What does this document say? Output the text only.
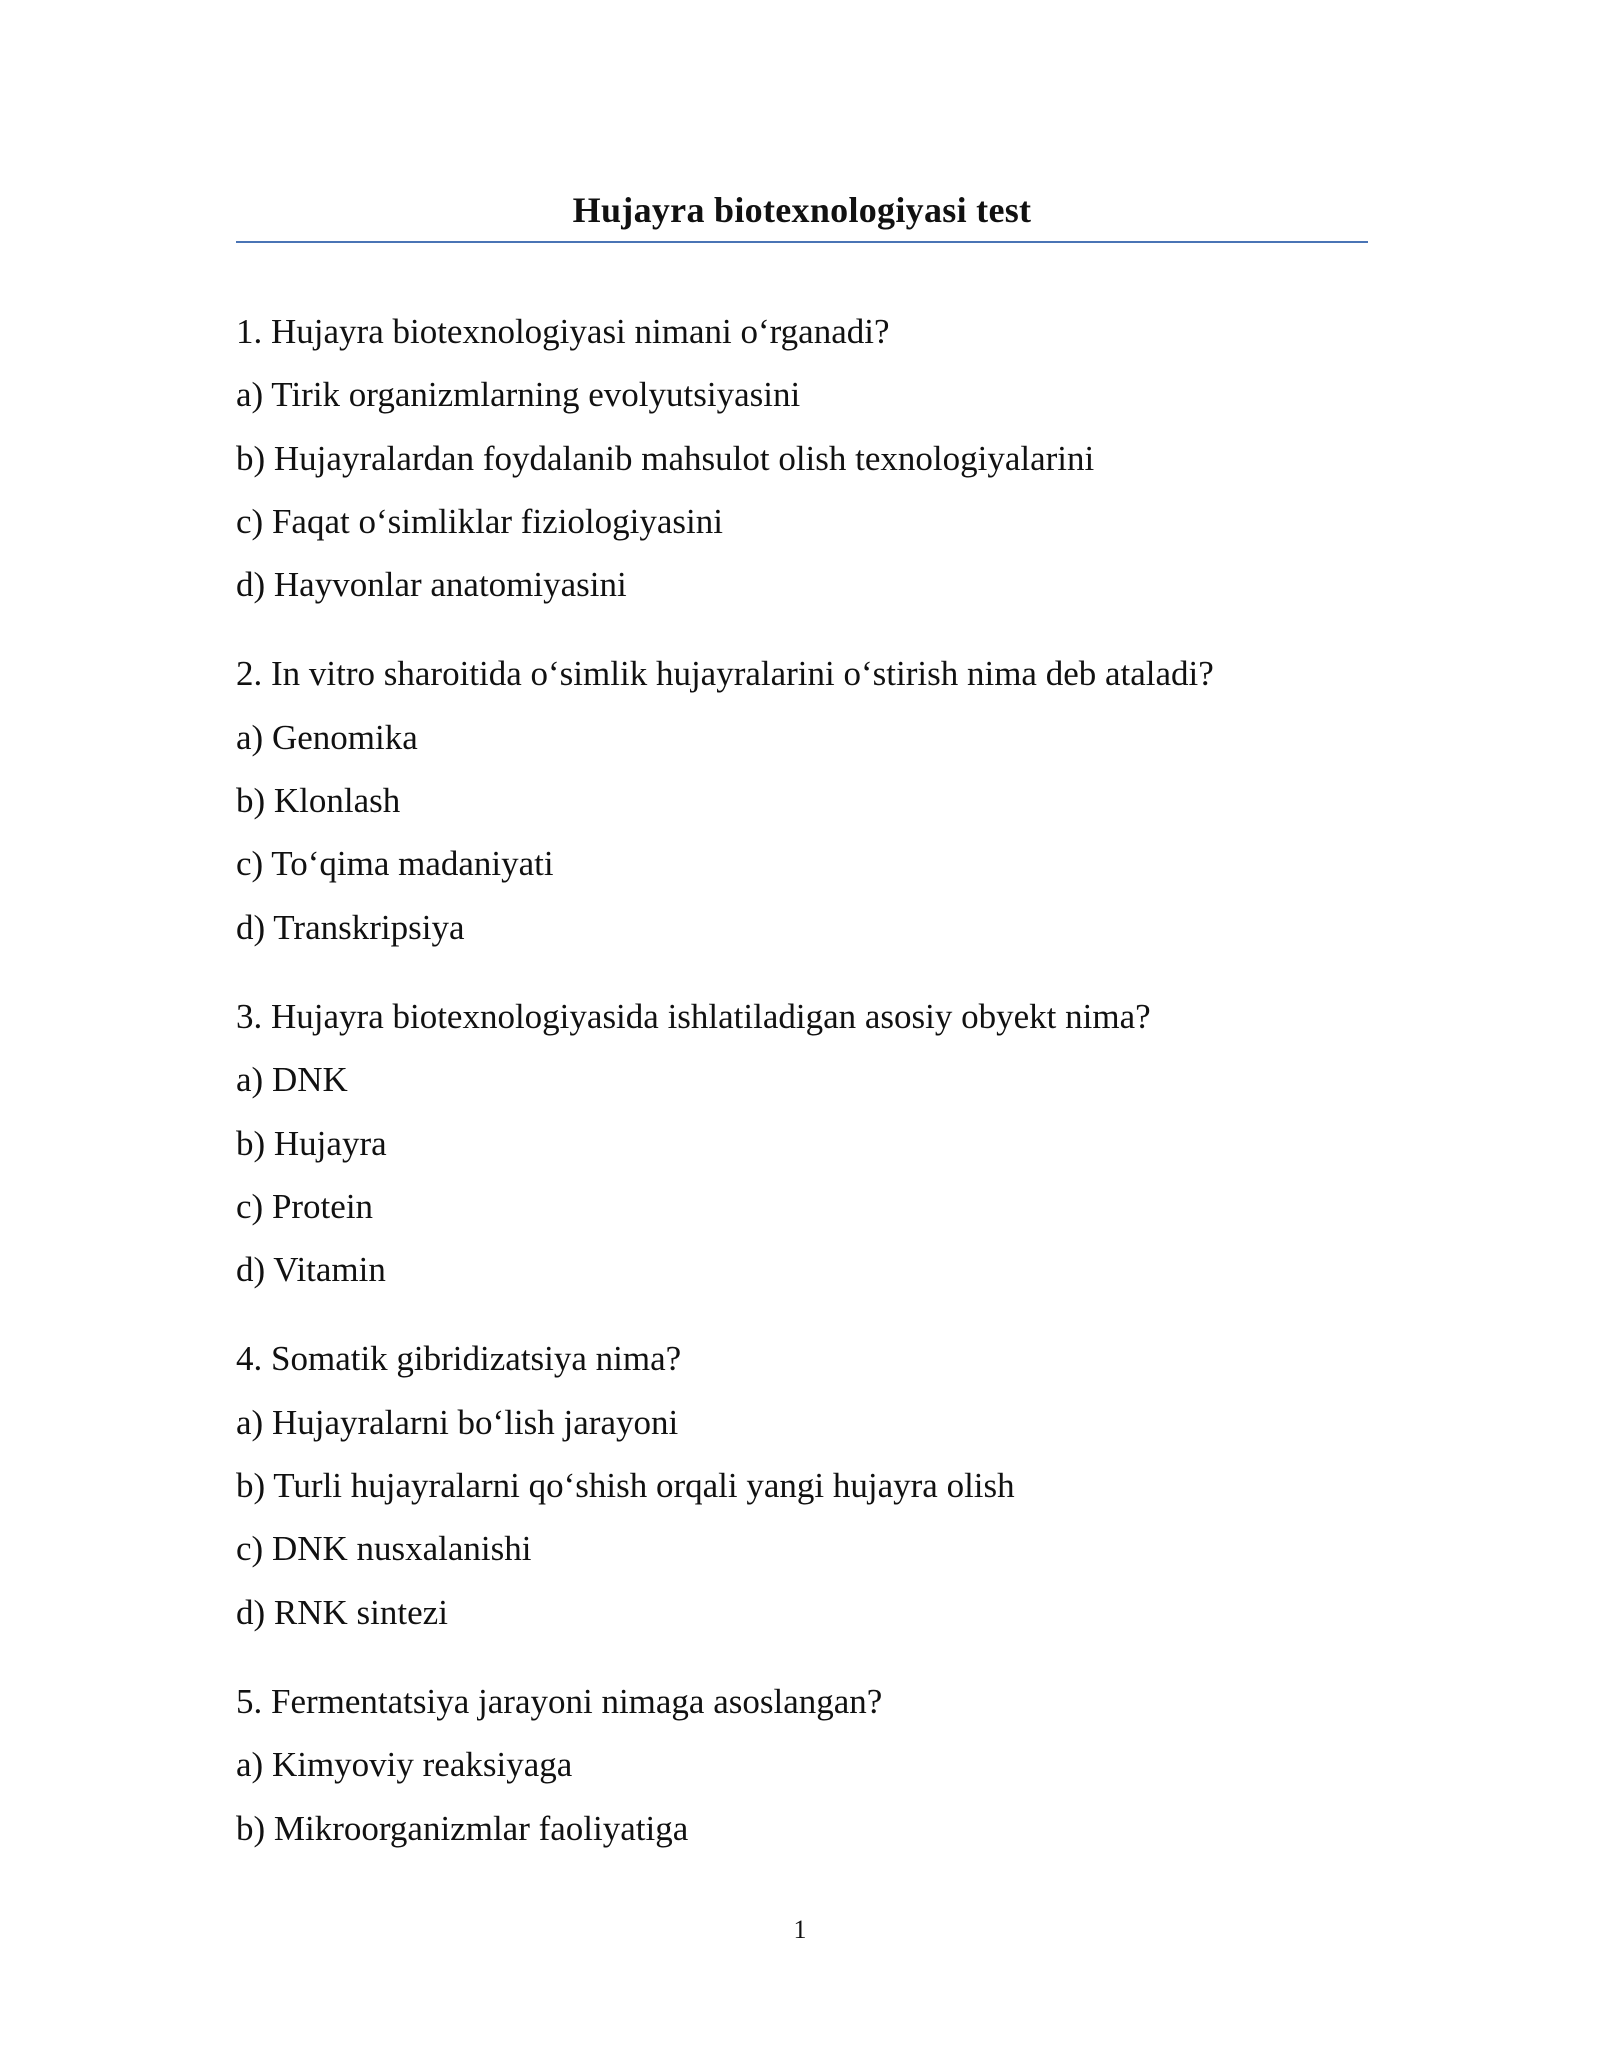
Hujayra biotexnologiyasi test
1. Hujayra biotexnologiyasi nimani o‘rganadi?
a) Tirik organizmlarning evolyutsiyasini
b) Hujayralardan foydalanib mahsulot olish texnologiyalarini
c) Faqat o‘simliklar fiziologiyasini
d) Hayvonlar anatomiyasini
2. In vitro sharoitida o‘simlik hujayralarini o‘stirish nima deb ataladi?
a) Genomika
b) Klonlash
c) To‘qima madaniyati
d) Transkripsiya
3. Hujayra biotexnologiyasida ishlatiladigan asosiy obyekt nima?
a) DNK
b) Hujayra
c) Protein
d) Vitamin
4. Somatik gibridizatsiya nima?
a) Hujayralarni bo‘lish jarayoni
b) Turli hujayralarni qo‘shish orqali yangi hujayra olish
c) DNK nusxalanishi
d) RNK sintezi
5. Fermentatsiya jarayoni nimaga asoslangan?
a) Kimyoviy reaksiyaga
b) Mikroorganizmlar faoliyatiga
1
